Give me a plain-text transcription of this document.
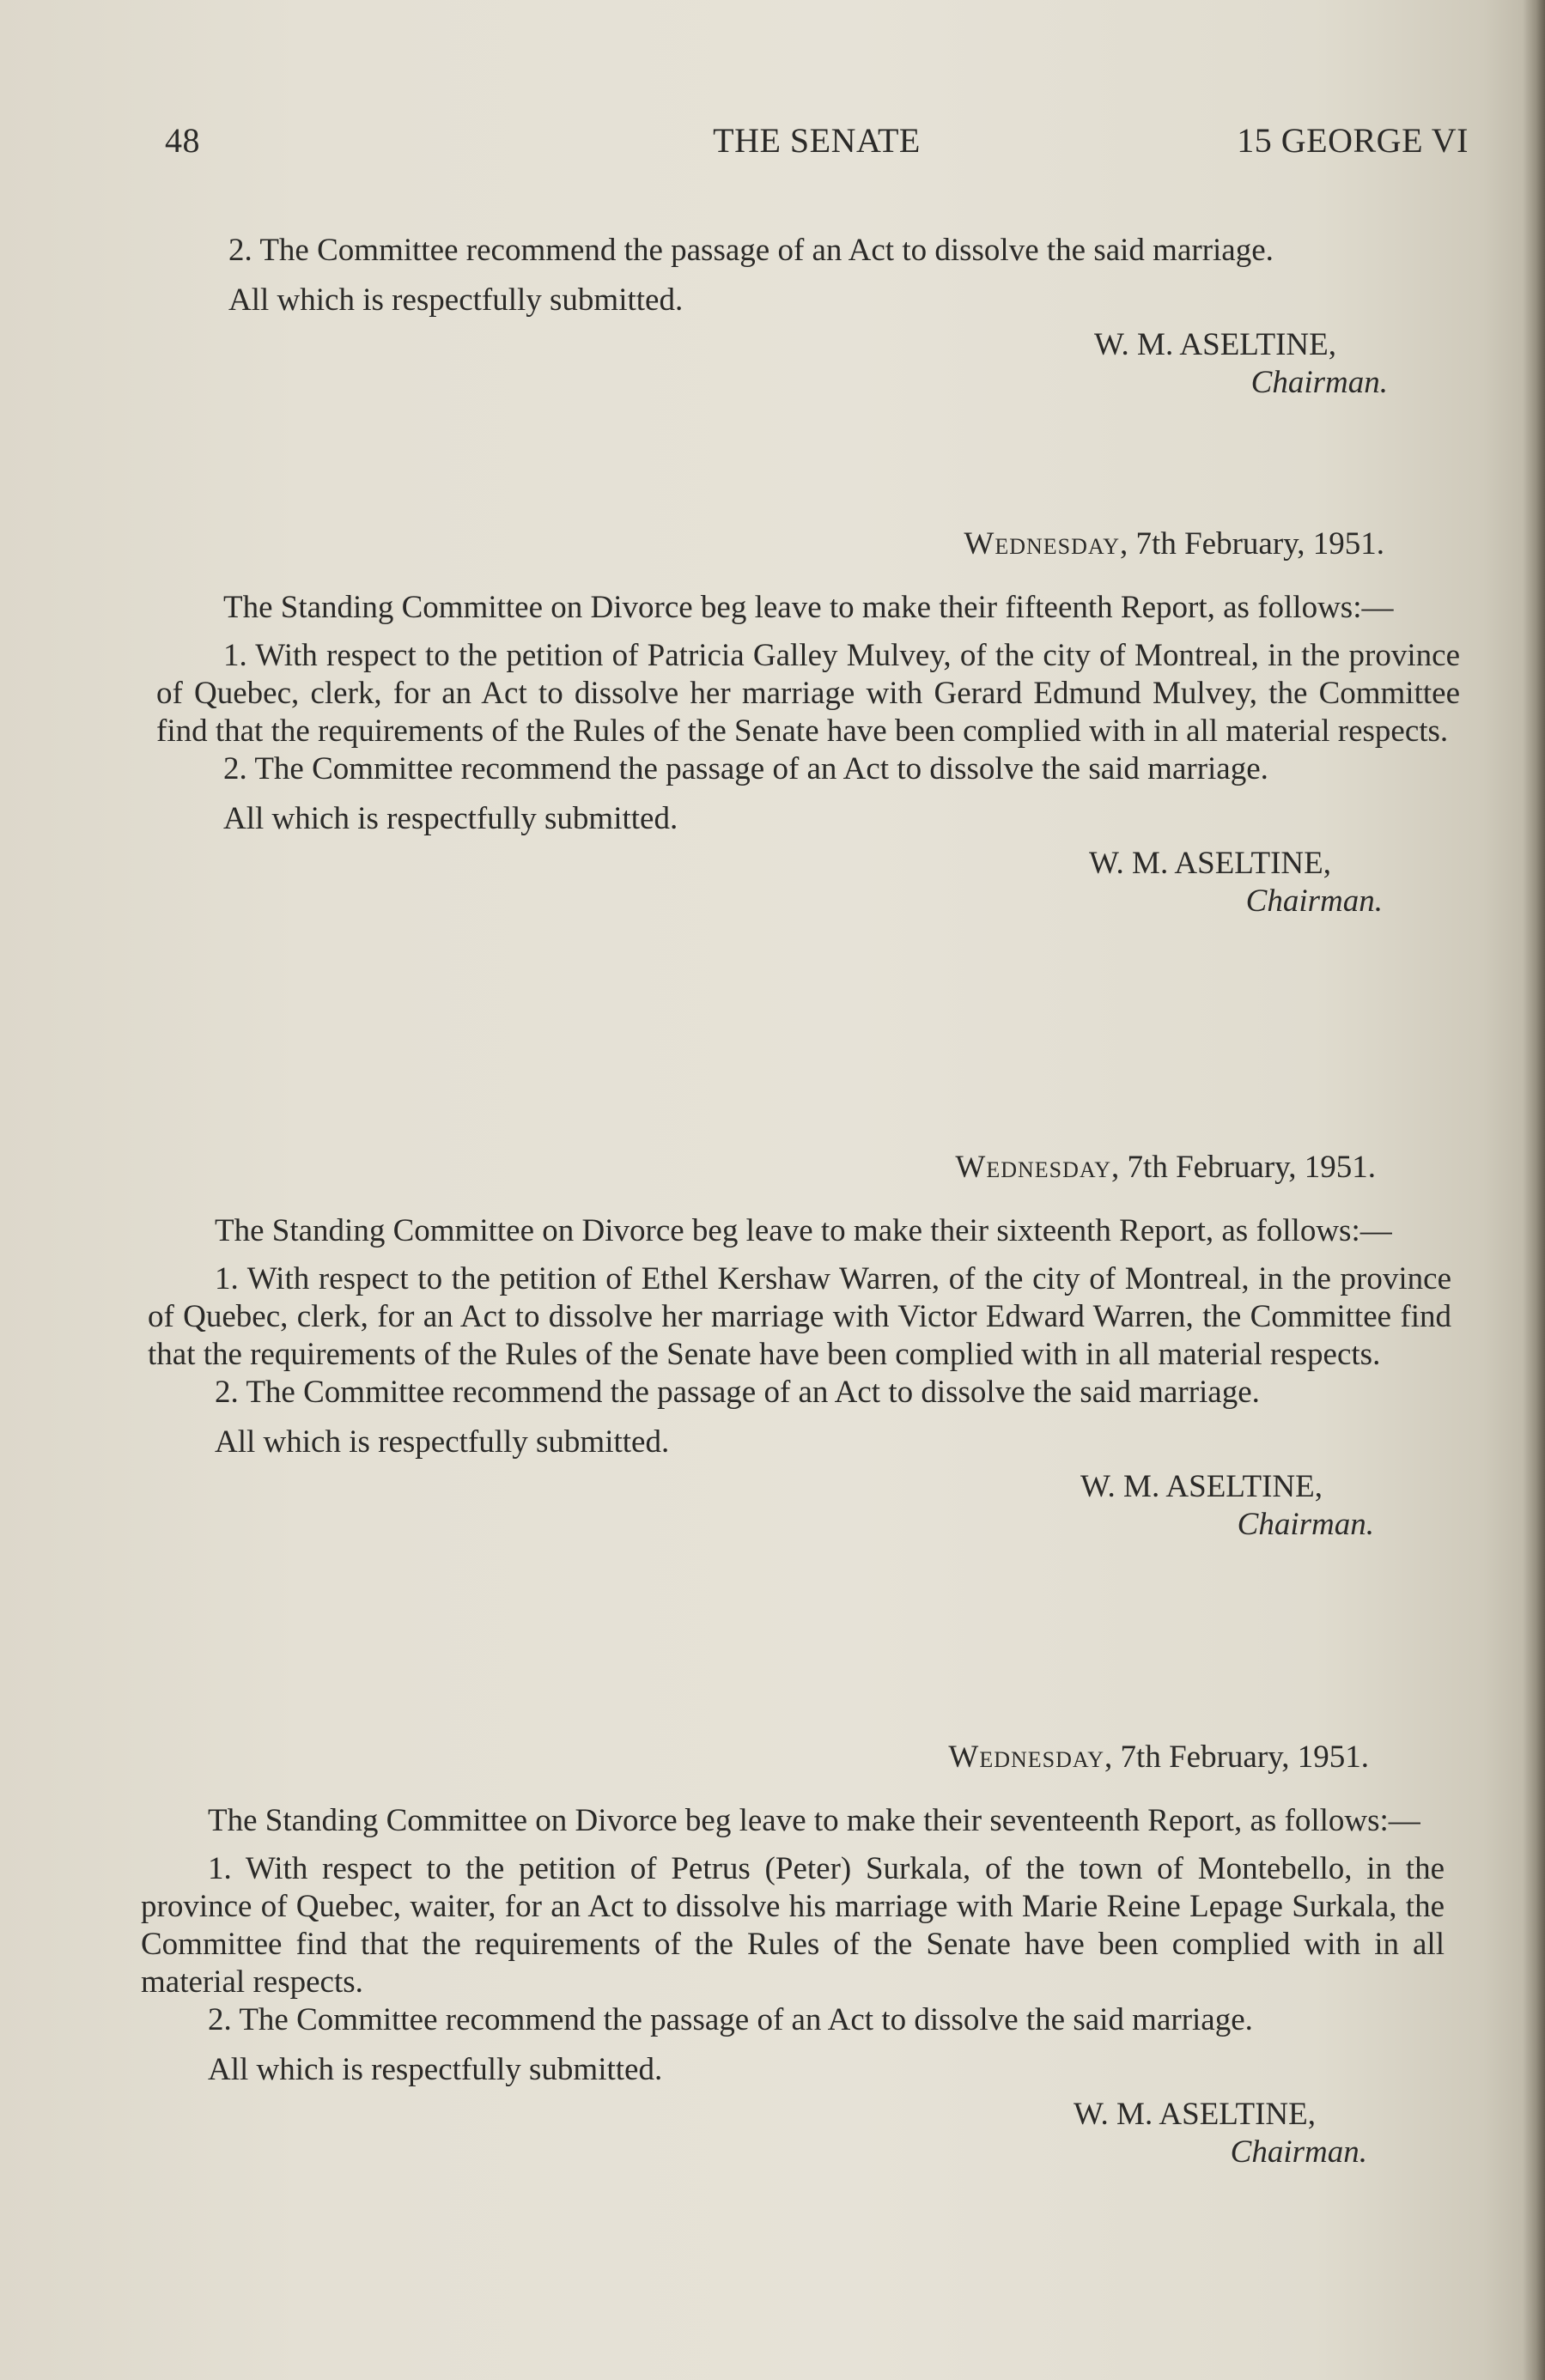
THE SENATE
48	15 GEORGE VI

2. The Committee recommend the passage of an Act to dissolve the said marriage.

All which is respectfully submitted.

W. M. ASELTINE,
Chairman.
Wednesday, 7th February, 1951.

The Standing Committee on Divorce beg leave to make their fifteenth Report, as follows:—

1. With respect to the petition of Patricia Galley Mulvey, of the city of Montreal, in the province of Quebec, clerk, for an Act to dissolve her marriage with Gerard Edmund Mulvey, the Committee find that the requirements of the Rules of the Senate have been complied with in all material respects.

2. The Committee recommend the passage of an Act to dissolve the said marriage.

All which is respectfully submitted.

W. M. ASELTINE,
Chairman.
Wednesday, 7th February, 1951.

The Standing Committee on Divorce beg leave to make their sixteenth Report, as follows:—

1. With respect to the petition of Ethel Kershaw Warren, of the city of Montreal, in the province of Quebec, clerk, for an Act to dissolve her marriage with Victor Edward Warren, the Committee find that the requirements of the Rules of the Senate have been complied with in all material respects.

2. The Committee recommend the passage of an Act to dissolve the said marriage.

All which is respectfully submitted.

W. M. ASELTINE,
Chairman.
Wednesday, 7th February, 1951.

The Standing Committee on Divorce beg leave to make their seventeenth Report, as follows:—

1. With respect to the petition of Petrus (Peter) Surkala, of the town of Montebello, in the province of Quebec, waiter, for an Act to dissolve his marriage with Marie Reine Lepage Surkala, the Committee find that the requirements of the Rules of the Senate have been complied with in all material respects.

2. The Committee recommend the passage of an Act to dissolve the said marriage.

All which is respectfully submitted.

W. M. ASELTINE,
Chairman.
